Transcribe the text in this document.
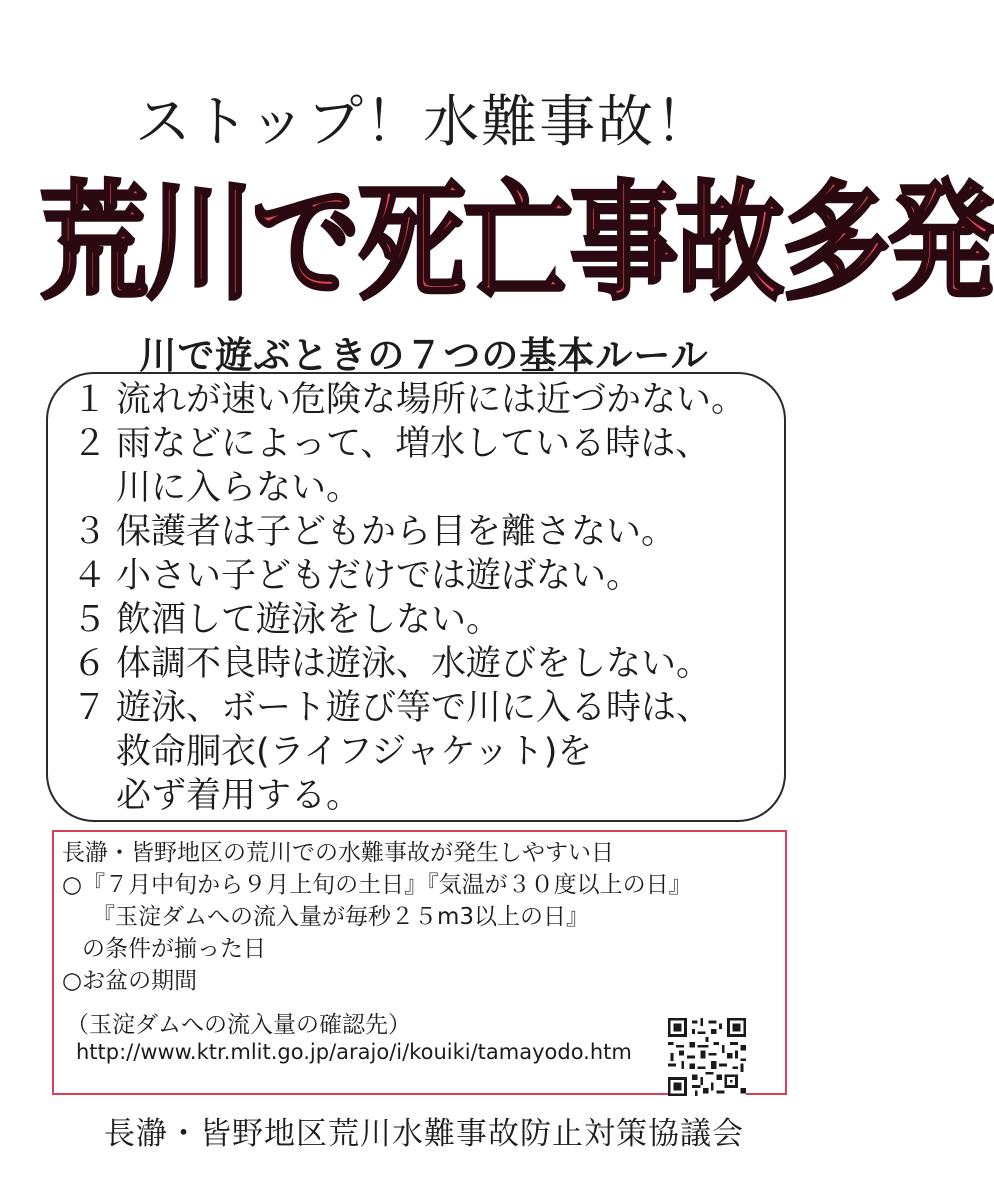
ストップ！水難事故！
荒川で死亡事故多発
川で遊ぶときの７つの基本ルール
１ 流れが速い危険な場所には近づかない。
２ 雨などによって、増水している時は、
川に入らない。
３ 保護者は子どもから目を離さない。
４ 小さい子どもだけでは遊ばない。
５ 飲酒して遊泳をしない。
６ 体調不良時は遊泳、水遊びをしない。
７ 遊泳、ボート遊び等で川に入る時は、
救命胴衣(ライフジャケット)を
必ず着用する。
長瀞・皆野地区の荒川での水難事故が発生しやすい日
○『７月中旬から９月上旬の土日』『気温が３０度以上の日』
『玉淀ダムへの流入量が毎秒２５m3以上の日』
の条件が揃った日
○お盆の期間
（玉淀ダムへの流入量の確認先）
http://www.ktr.mlit.go.jp/arajo/i/kouiki/tamayodo.htm
長瀞・皆野地区荒川水難事故防止対策協議会
